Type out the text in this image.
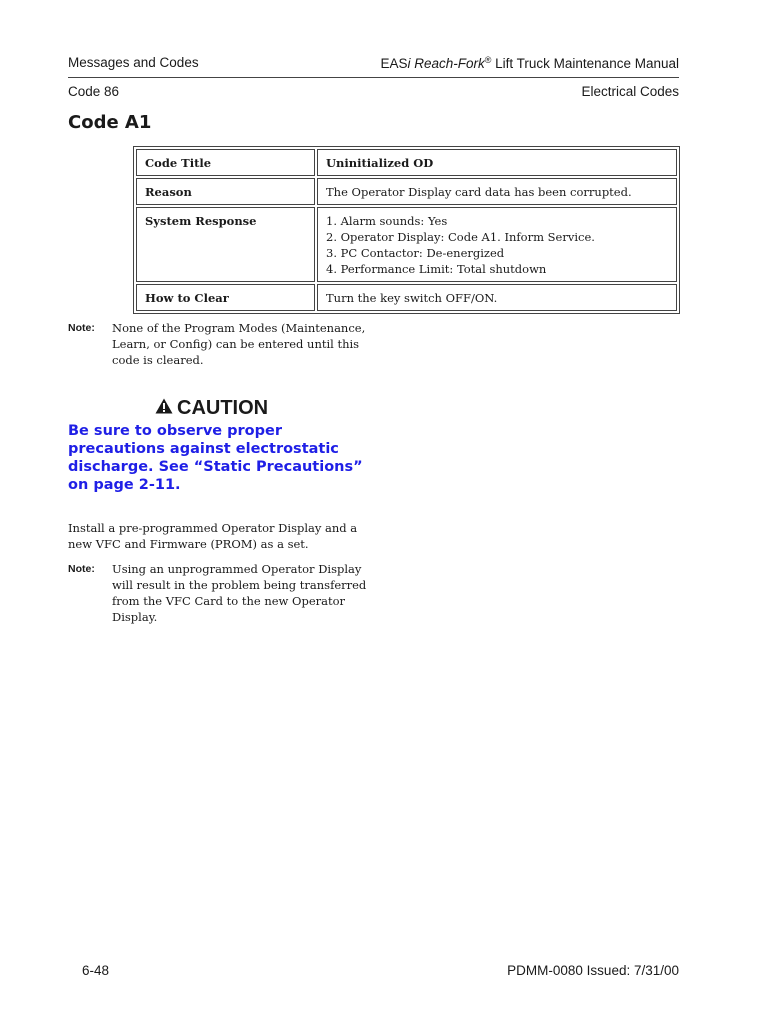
Messages and Codes	EASi Reach-Fork® Lift Truck Maintenance Manual
Code 86	Electrical Codes
Code A1
Code Title	Uninitialized OD
Reason	The Operator Display card data has been corrupted.
System Response	1. Alarm sounds: Yes
2. Operator Display: Code A1. Inform Service.
3. PC Contactor: De-energized
4. Performance Limit: Total shutdown

How to Clear	Turn the key switch OFF/ON.
Note: None of the Program Modes (Maintenance, Learn, or Config) can be entered until this code is cleared.
CAUTION
Be sure to observe proper precautions against electrostatic discharge. See “Static Precautions” on page 2-11.
Install a pre-programmed Operator Display and a new VFC and Firmware (PROM) as a set.
Note: Using an unprogrammed Operator Display will result in the problem being transferred from the VFC Card to the new Operator Display.
6-48	PDMM-0080 Issued: 7/31/00
